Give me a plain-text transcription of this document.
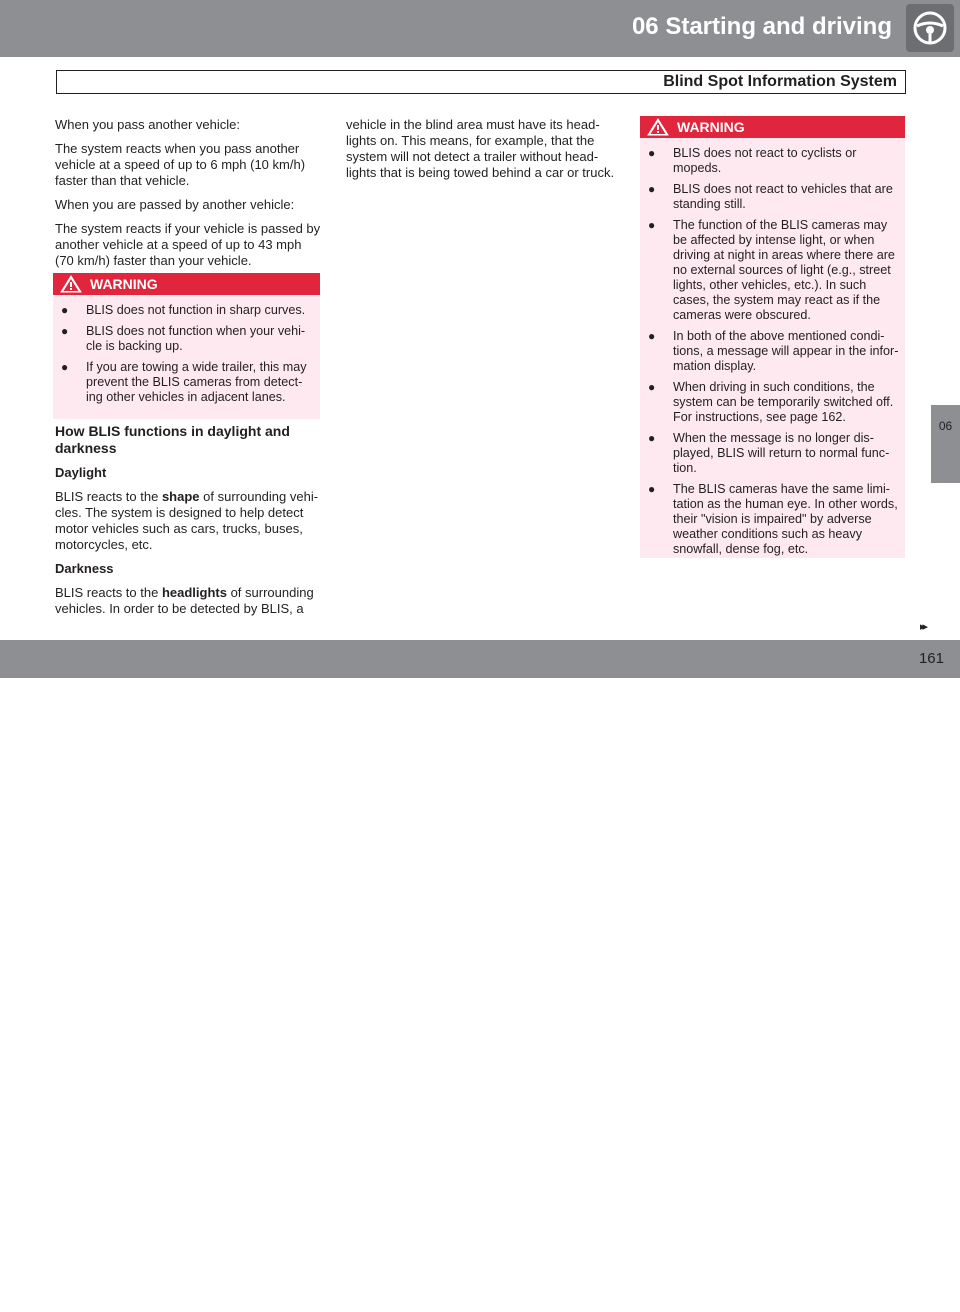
06 Starting and driving
Blind Spot Information System

When you pass another vehicle:

The system reacts when you pass another vehicle at a speed of up to 6 mph (10 km/h) faster than that vehicle.

When you are passed by another vehicle:

The system reacts if your vehicle is passed by another vehicle at a speed of up to 43 mph (70 km/h) faster than your vehicle.

WARNING
● BLIS does not function in sharp curves.
● BLIS does not function when your vehi-cle is backing up.
● If you are towing a wide trailer, this may prevent the BLIS cameras from detect-ing other vehicles in adjacent lanes.

How BLIS functions in daylight and darkness

Daylight

BLIS reacts to the shape of surrounding vehi-cles. The system is designed to help detect motor vehicles such as cars, trucks, buses, motorcycles, etc.

Darkness

BLIS reacts to the headlights of surrounding vehicles. In order to be detected by BLIS, a

vehicle in the blind area must have its head-lights on. This means, for example, that the system will not detect a trailer without head-lights that is being towed behind a car or truck.

WARNING
● BLIS does not react to cyclists or mopeds.
● BLIS does not react to vehicles that are standing still.
● The function of the BLIS cameras may be affected by intense light, or when driving at night in areas where there are no external sources of light (e.g., street lights, other vehicles, etc.). In such cases, the system may react as if the cameras were obscured.
● In both of the above mentioned condi-tions, a message will appear in the infor-mation display.
● When driving in such conditions, the system can be temporarily switched off. For instructions, see page 162.
● When the message is no longer dis-played, BLIS will return to normal func-tion.
● The BLIS cameras have the same limi-tation as the human eye. In other words, their "vision is impaired" by adverse weather conditions such as heavy snowfall, dense fog, etc.
06
▸▸
161
carmanualsonline.info
